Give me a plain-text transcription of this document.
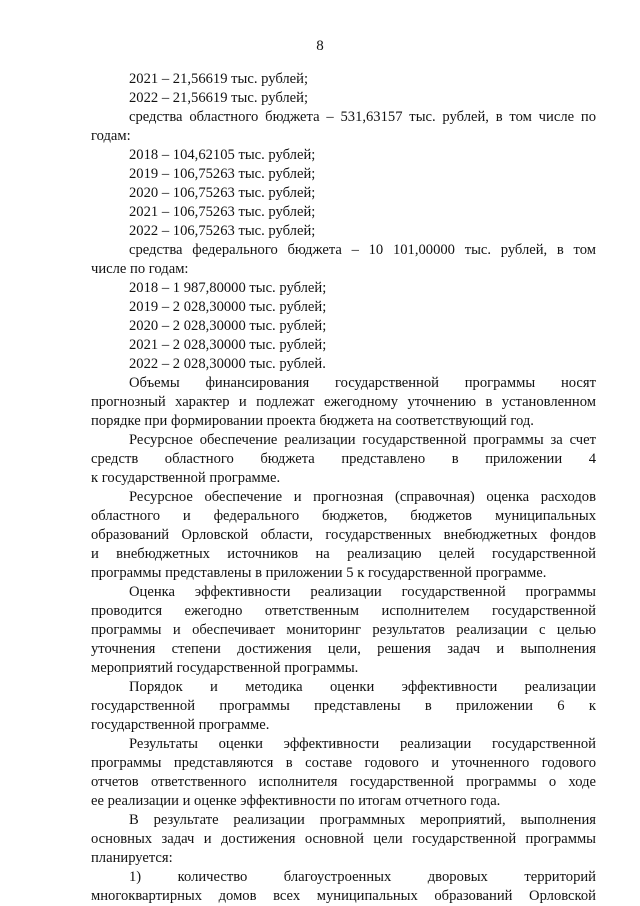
8

2021 – 21,56619 тыс. рублей;

2022 – 21,56619 тыс. рублей;

средства областного бюджета – 531,63157 тыс. рублей, в том числе по

годам:

2018 – 104,62105 тыс. рублей;

2019 – 106,75263 тыс. рублей;

2020 – 106,75263 тыс. рублей;

2021 – 106,75263 тыс. рублей;

2022 – 106,75263 тыс. рублей;

средства федерального бюджета – 10 101,00000 тыс. рублей, в том

числе по годам:

2018 – 1 987,80000 тыс. рублей;

2019 – 2 028,30000 тыс. рублей;

2020 – 2 028,30000 тыс. рублей;

2021 – 2 028,30000 тыс. рублей;

2022 – 2 028,30000 тыс. рублей.

Объемы финансирования государственной программы носят

прогнозный характер и подлежат ежегодному уточнению в установленном

порядке при формировании проекта бюджета на соответствующий год.

Ресурсное обеспечение реализации государственной программы за счет

средств областного бюджета представлено в приложении 4

к государственной программе.

Ресурсное обеспечение и прогнозная (справочная) оценка расходов

областного и федерального бюджетов, бюджетов муниципальных

образований Орловской области, государственных внебюджетных фондов

и внебюджетных источников на реализацию целей государственной

программы представлены в приложении 5 к государственной программе.

Оценка эффективности реализации государственной программы

проводится ежегодно ответственным исполнителем государственной

программы и обеспечивает мониторинг результатов реализации с целью

уточнения степени достижения цели, решения задач и выполнения

мероприятий государственной программы.

Порядок и методика оценки эффективности реализации

государственной программы представлены в приложении 6 к

государственной программе.

Результаты оценки эффективности реализации государственной

программы представляются в составе годового и уточненного годового

отчетов ответственного исполнителя государственной программы о ходе

ее реализации и оценке эффективности по итогам отчетного года.

В результате реализации программных мероприятий, выполнения

основных задач и достижения основной цели государственной программы

планируется:

1) количество благоустроенных дворовых территорий

многоквартирных домов всех муниципальных образований Орловской
